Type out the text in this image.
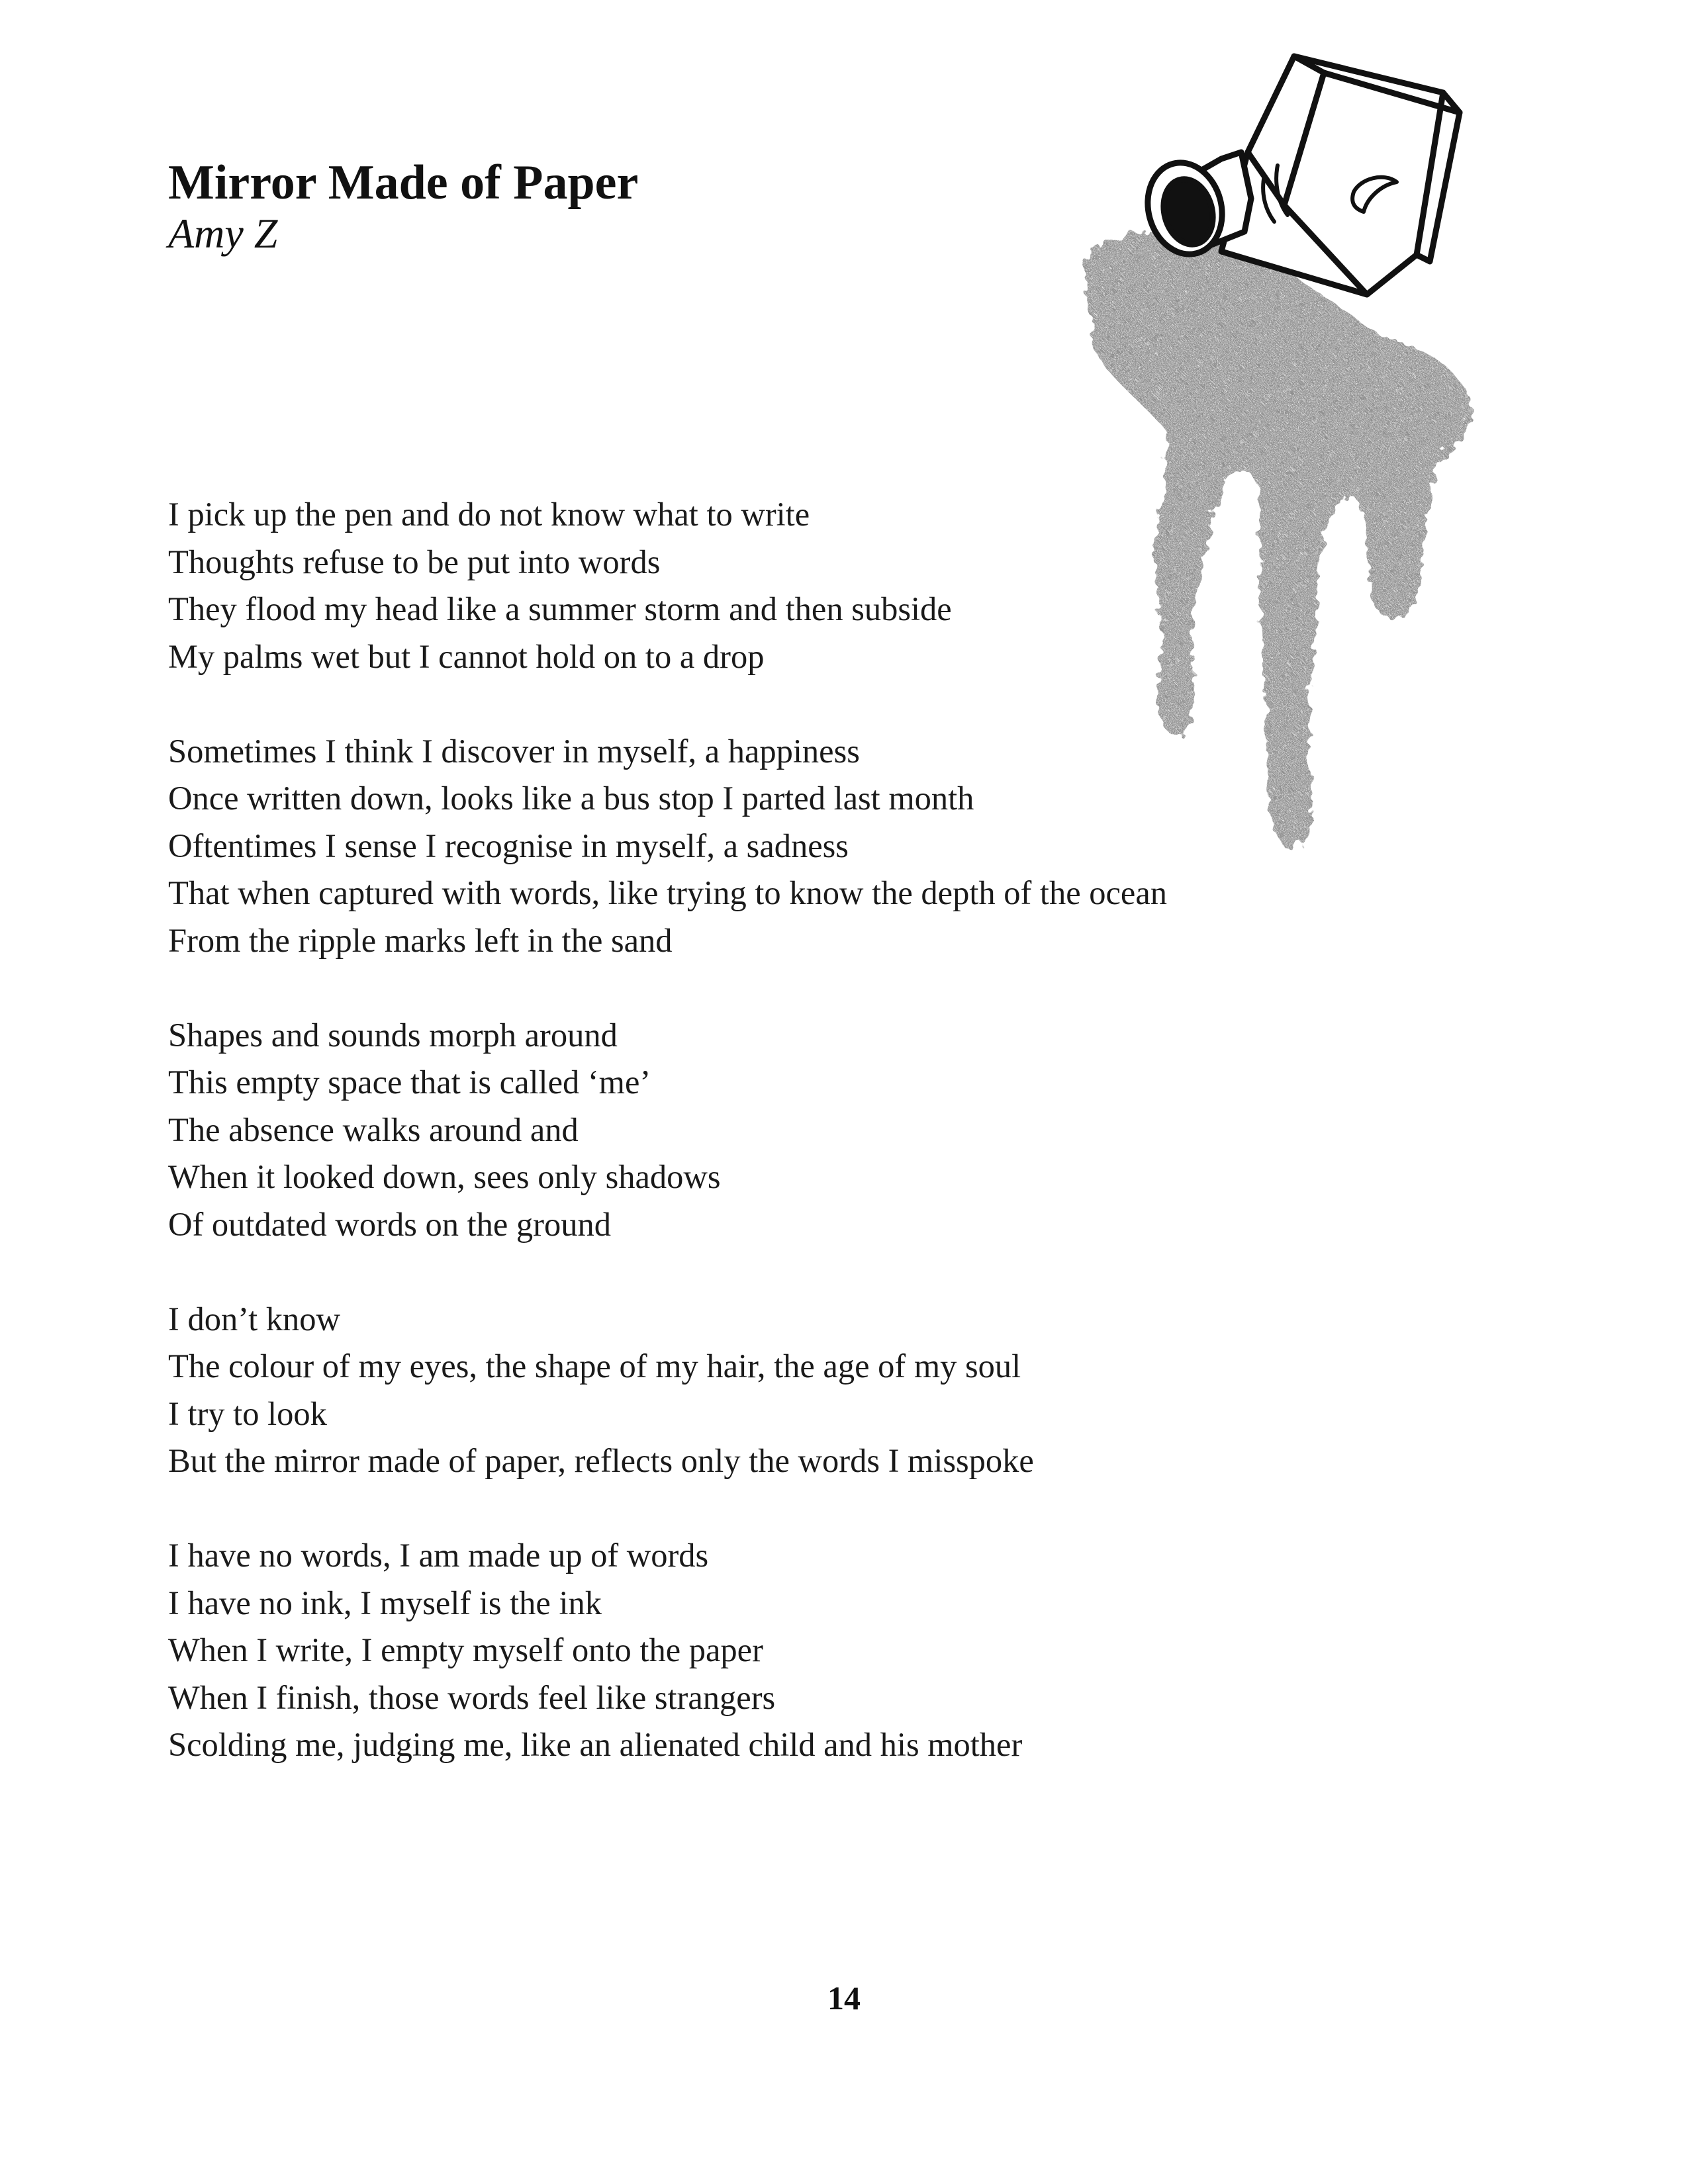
Mirror Made of Paper
Amy Z

I pick up the pen and do not know what to write
Thoughts refuse to be put into words
They flood my head like a summer storm and then subside
My palms wet but I cannot hold on to a drop

Sometimes I think I discover in myself, a happiness
Once written down, looks like a bus stop I parted last month
Oftentimes I sense I recognise in myself, a sadness
That when captured with words, like trying to know the depth of the ocean
From the ripple marks left in the sand

Shapes and sounds morph around
This empty space that is called ‘me’
The absence walks around and
When it looked down, sees only shadows
Of outdated words on the ground

I don’t know
The colour of my eyes, the shape of my hair, the age of my soul
I try to look
But the mirror made of paper, reflects only the words I misspoke

I have no words, I am made up of words
I have no ink, I myself is the ink
When I write, I empty myself onto the paper
When I finish, those words feel like strangers
Scolding me, judging me, like an alienated child and his mother

14
